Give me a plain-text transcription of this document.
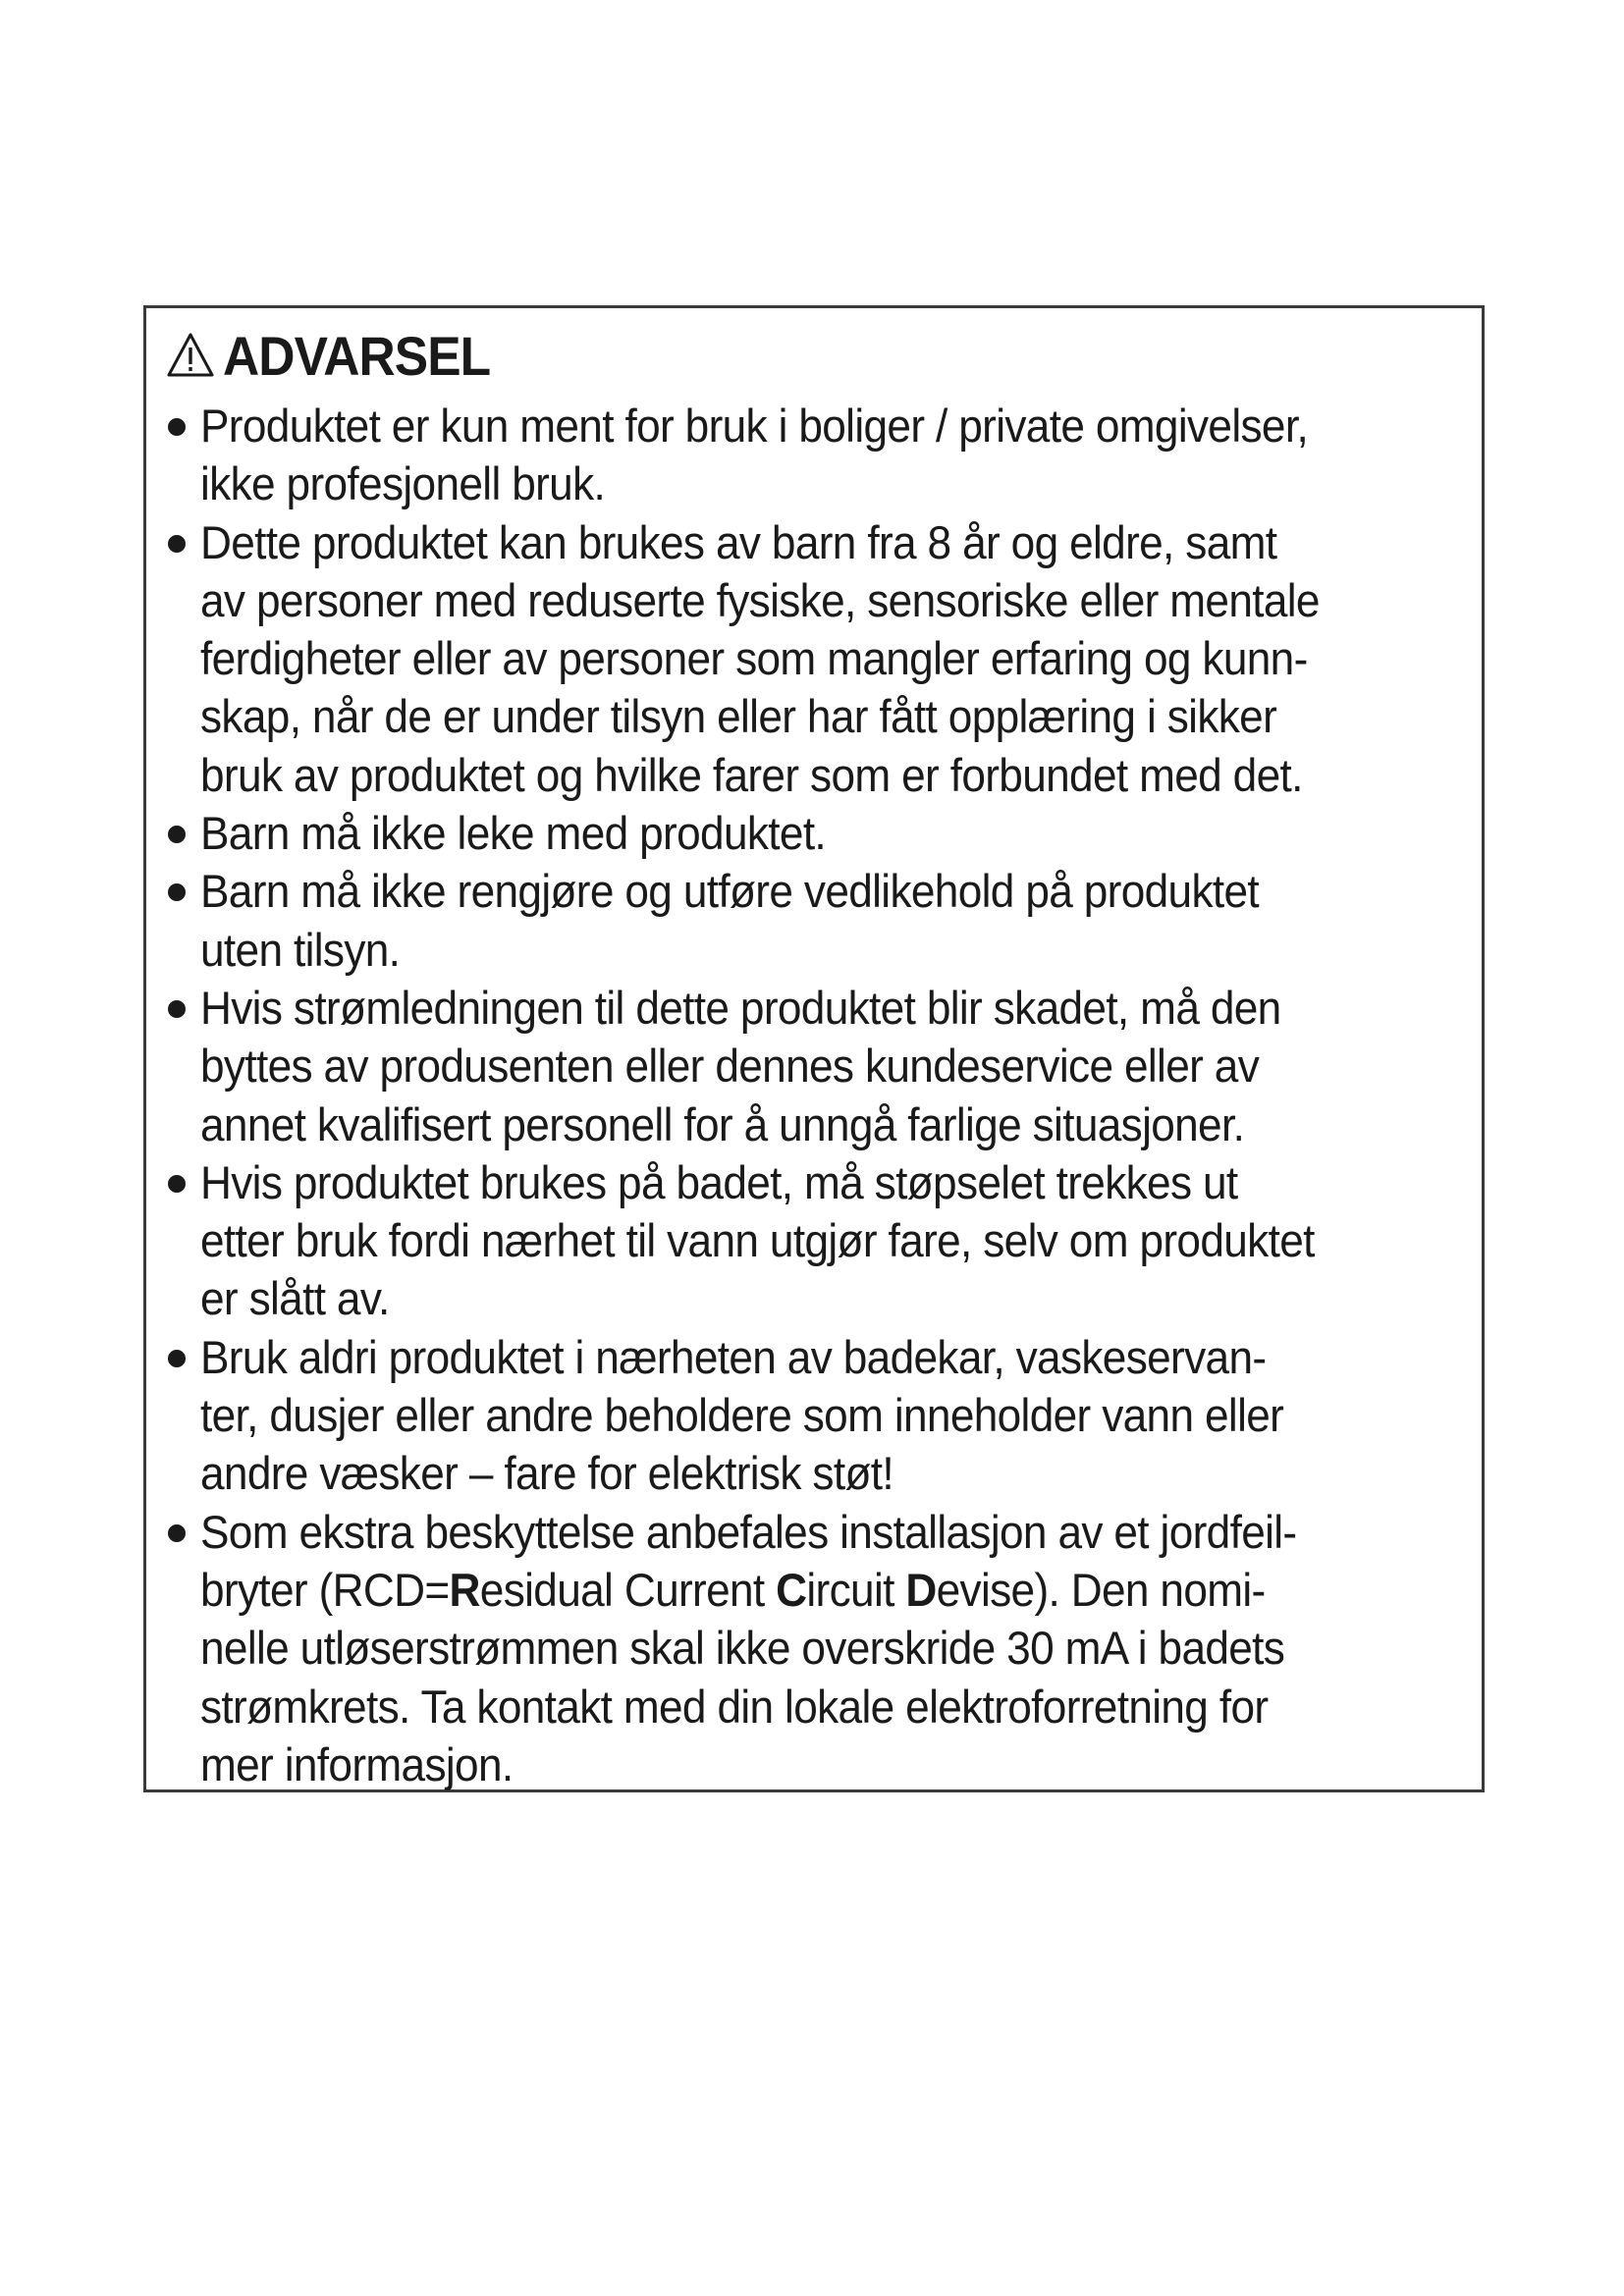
ADVARSEL
Produktet er kun ment for bruk i boliger / private omgivelser,
ikke profesjonell bruk.
Dette produktet kan brukes av barn fra 8 år og eldre, samt
av personer med reduserte fysiske, sensoriske eller mentale
ferdigheter eller av personer som mangler erfaring og kunn-
skap, når de er under tilsyn eller har fått opplæring i sikker
bruk av produktet og hvilke farer som er forbundet med det.
Barn må ikke leke med produktet.
Barn må ikke rengjøre og utføre vedlikehold på produktet
uten tilsyn.
Hvis strømledningen til dette produktet blir skadet, må den
byttes av produsenten eller dennes kundeservice eller av
annet kvalifisert personell for å unngå farlige situasjoner.
Hvis produktet brukes på badet, må støpselet trekkes ut
etter bruk fordi nærhet til vann utgjør fare, selv om produktet
er slått av.
Bruk aldri produktet i nærheten av badekar, vaskeservan-
ter, dusjer eller andre beholdere som inneholder vann eller
andre væsker – fare for elektrisk støt!
Som ekstra beskyttelse anbefales installasjon av et jordfeil-
bryter (RCD=Residual Current Circuit Devise). Den nomi-
nelle utløserstrømmen skal ikke overskride 30 mA i badets
strømkrets. Ta kontakt med din lokale elektroforretning for
mer informasjon.
